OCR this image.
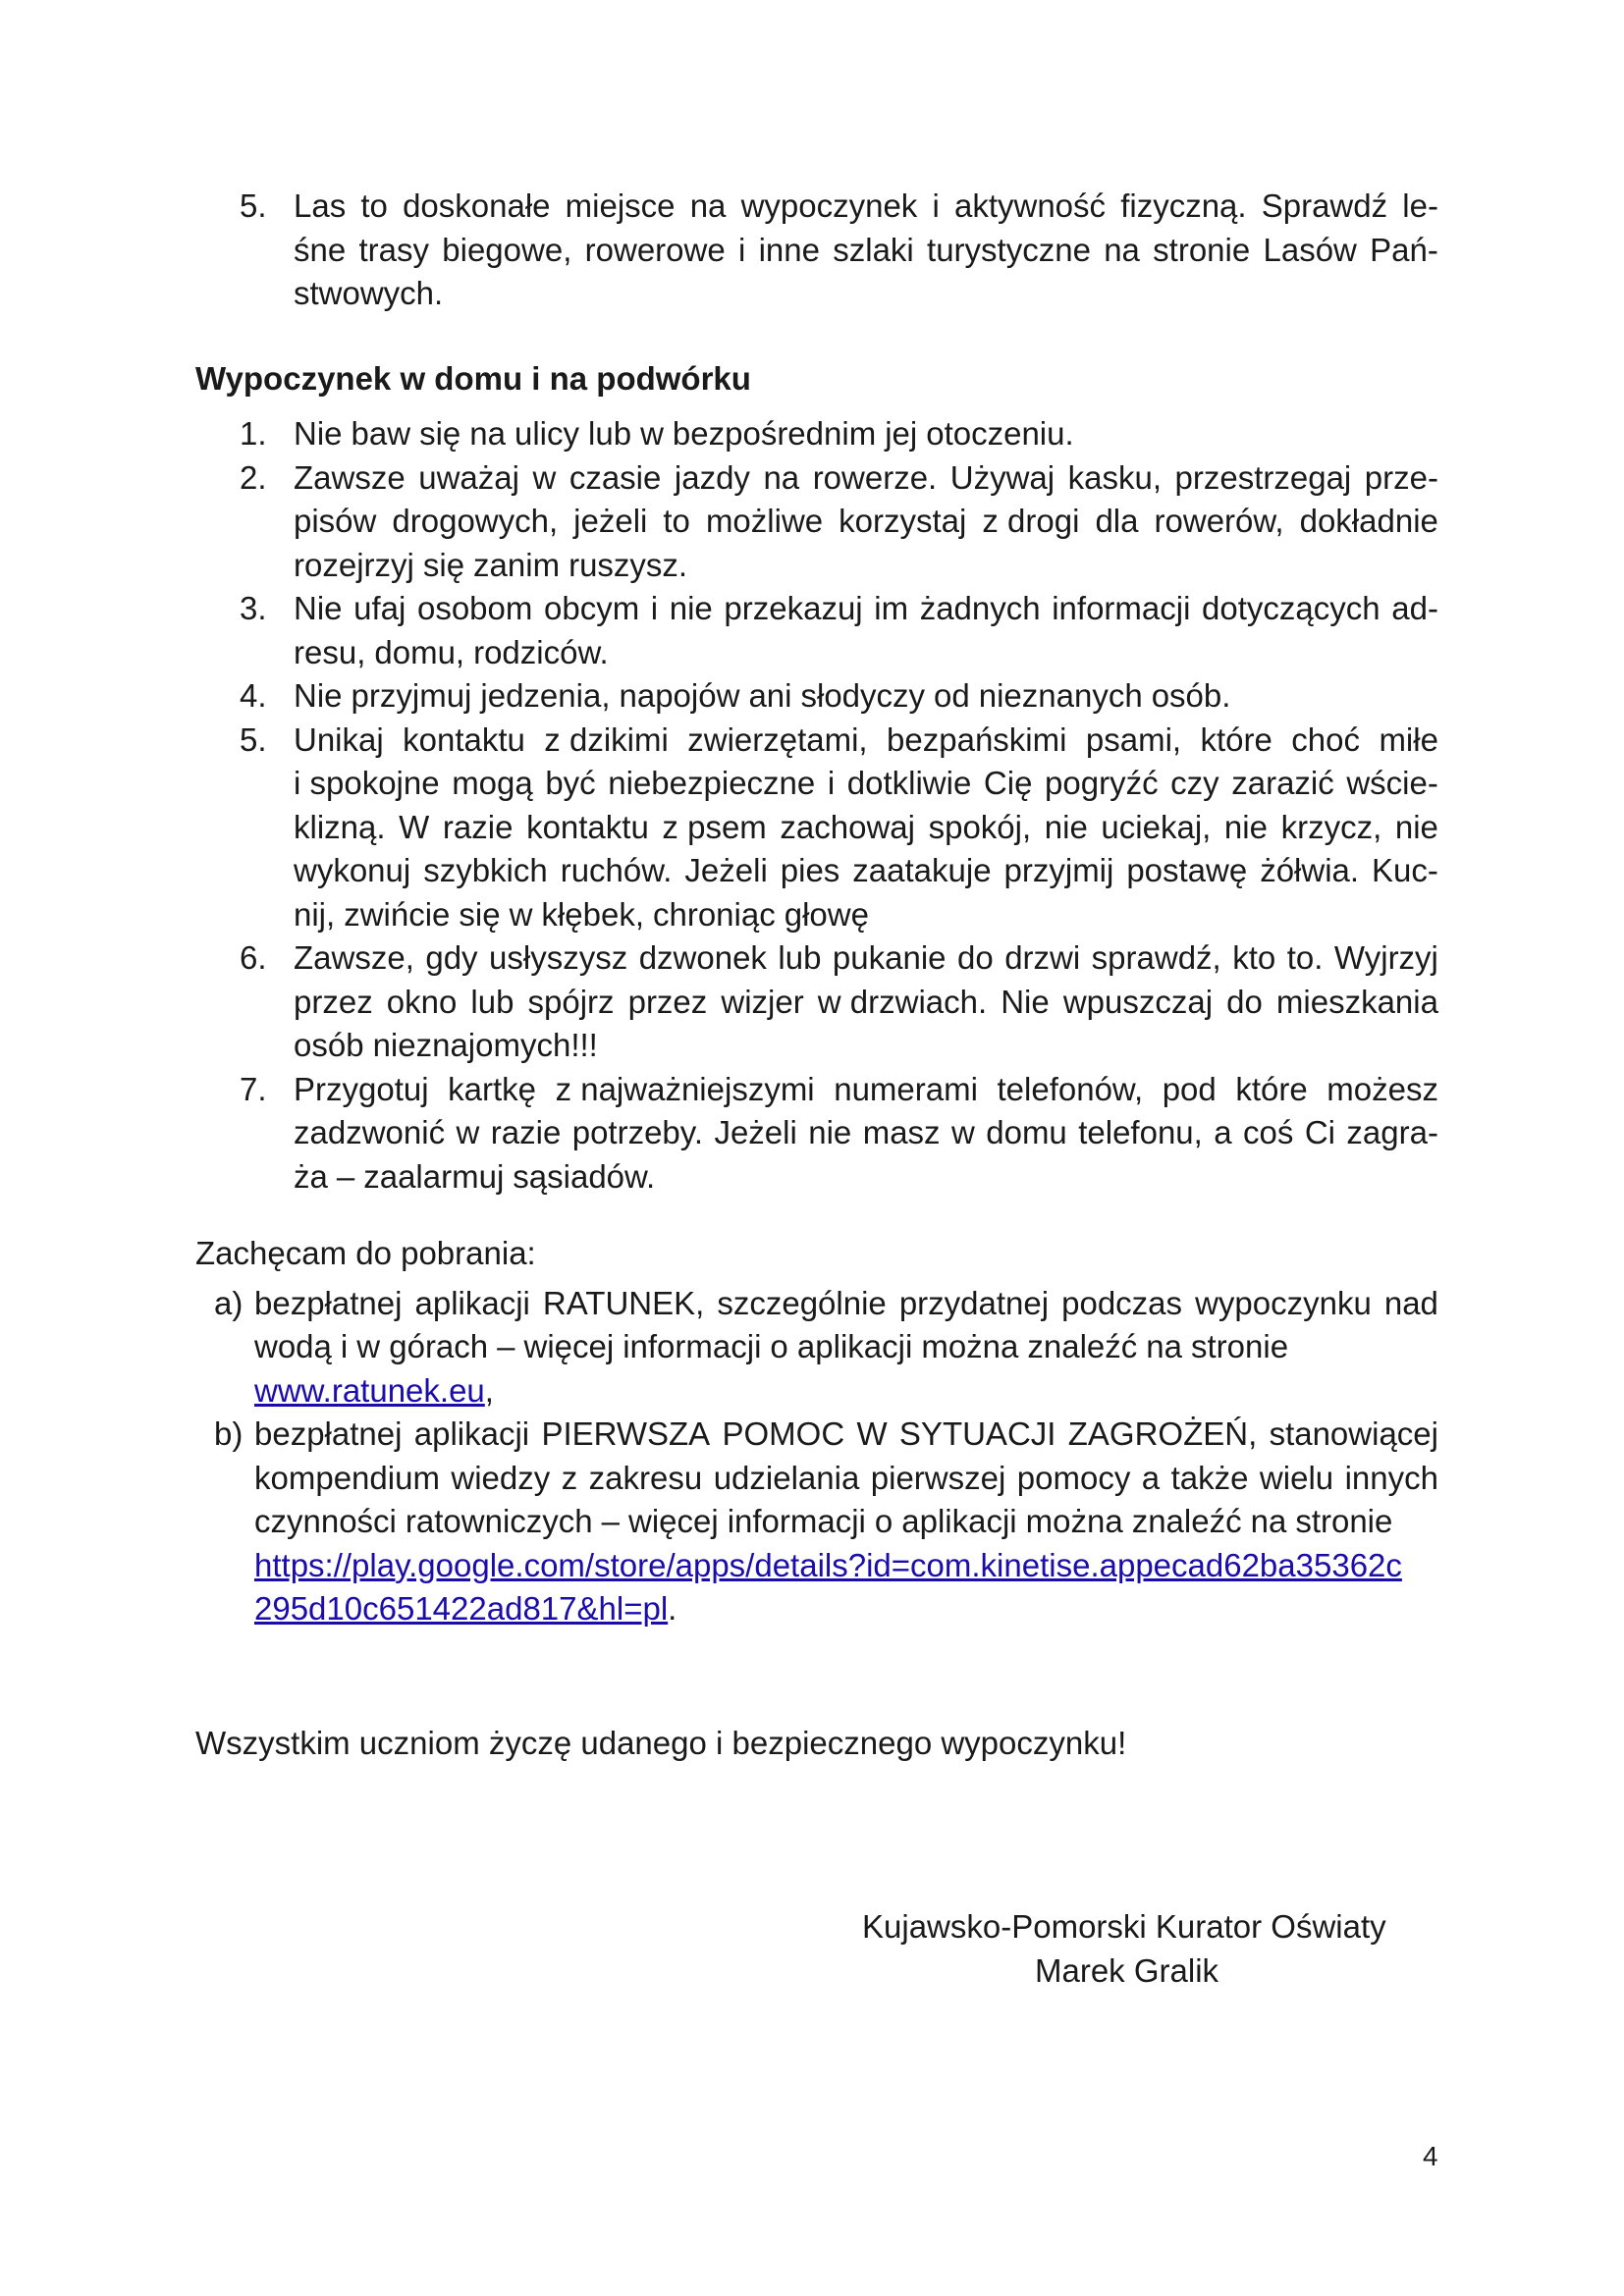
5. Las to doskonałe miejsce na wypoczynek i aktywność fizyczną. Sprawdź le-
śne trasy biegowe, rowerowe i inne szlaki turystyczne na stronie Lasów Pań-
stwowych.
Wypoczynek w domu i na podwórku
1. Nie baw się na ulicy lub w bezpośrednim jej otoczeniu.
2. Zawsze uważaj w czasie jazdy na rowerze. Używaj kasku, przestrzegaj prze-
pisów drogowych, jeżeli to możliwe korzystaj z drogi dla rowerów, dokładnie
rozejrzyj się zanim ruszysz.
3. Nie ufaj osobom obcym i nie przekazuj im żadnych informacji dotyczących ad-
resu, domu, rodziców.
4. Nie przyjmuj jedzenia, napojów ani słodyczy od nieznanych osób.
5. Unikaj kontaktu z dzikimi zwierzętami, bezpańskimi psami, które choć miłe
i spokojne mogą być niebezpieczne i dotkliwie Cię pogryźć czy zarazić wście-
klizną. W razie kontaktu z psem zachowaj spokój, nie uciekaj, nie krzycz, nie
wykonuj szybkich ruchów. Jeżeli pies zaatakuje przyjmij postawę żółwia. Kuc-
nij, zwińcie się w kłębek, chroniąc głowę
6. Zawsze, gdy usłyszysz dzwonek lub pukanie do drzwi sprawdź, kto to. Wyjrzyj
przez okno lub spójrz przez wizjer w drzwiach. Nie wpuszczaj do mieszkania
osób nieznajomych!!!
7. Przygotuj kartkę z najważniejszymi numerami telefonów, pod które możesz
zadzwonić w razie potrzeby. Jeżeli nie masz w domu telefonu, a coś Ci zagra-
ża – zaalarmuj sąsiadów.
Zachęcam do pobrania:
a) bezpłatnej aplikacji RATUNEK, szczególnie przydatnej podczas wypoczynku nad
wodą i w górach – więcej informacji o aplikacji można znaleźć na stronie
www.ratunek.eu,
b) bezpłatnej aplikacji PIERWSZA POMOC W SYTUACJI ZAGROŻEŃ, stanowiącej
kompendium wiedzy z zakresu udzielania pierwszej pomocy a także wielu innych
czynności ratowniczych – więcej informacji o aplikacji można znaleźć na stronie
https://play.google.com/store/apps/details?id=com.kinetise.appecad62ba35362c
295d10c651422ad817&hl=pl.
Wszystkim uczniom życzę udanego i bezpiecznego wypoczynku!
Kujawsko-Pomorski Kurator Oświaty
Marek Gralik
4
